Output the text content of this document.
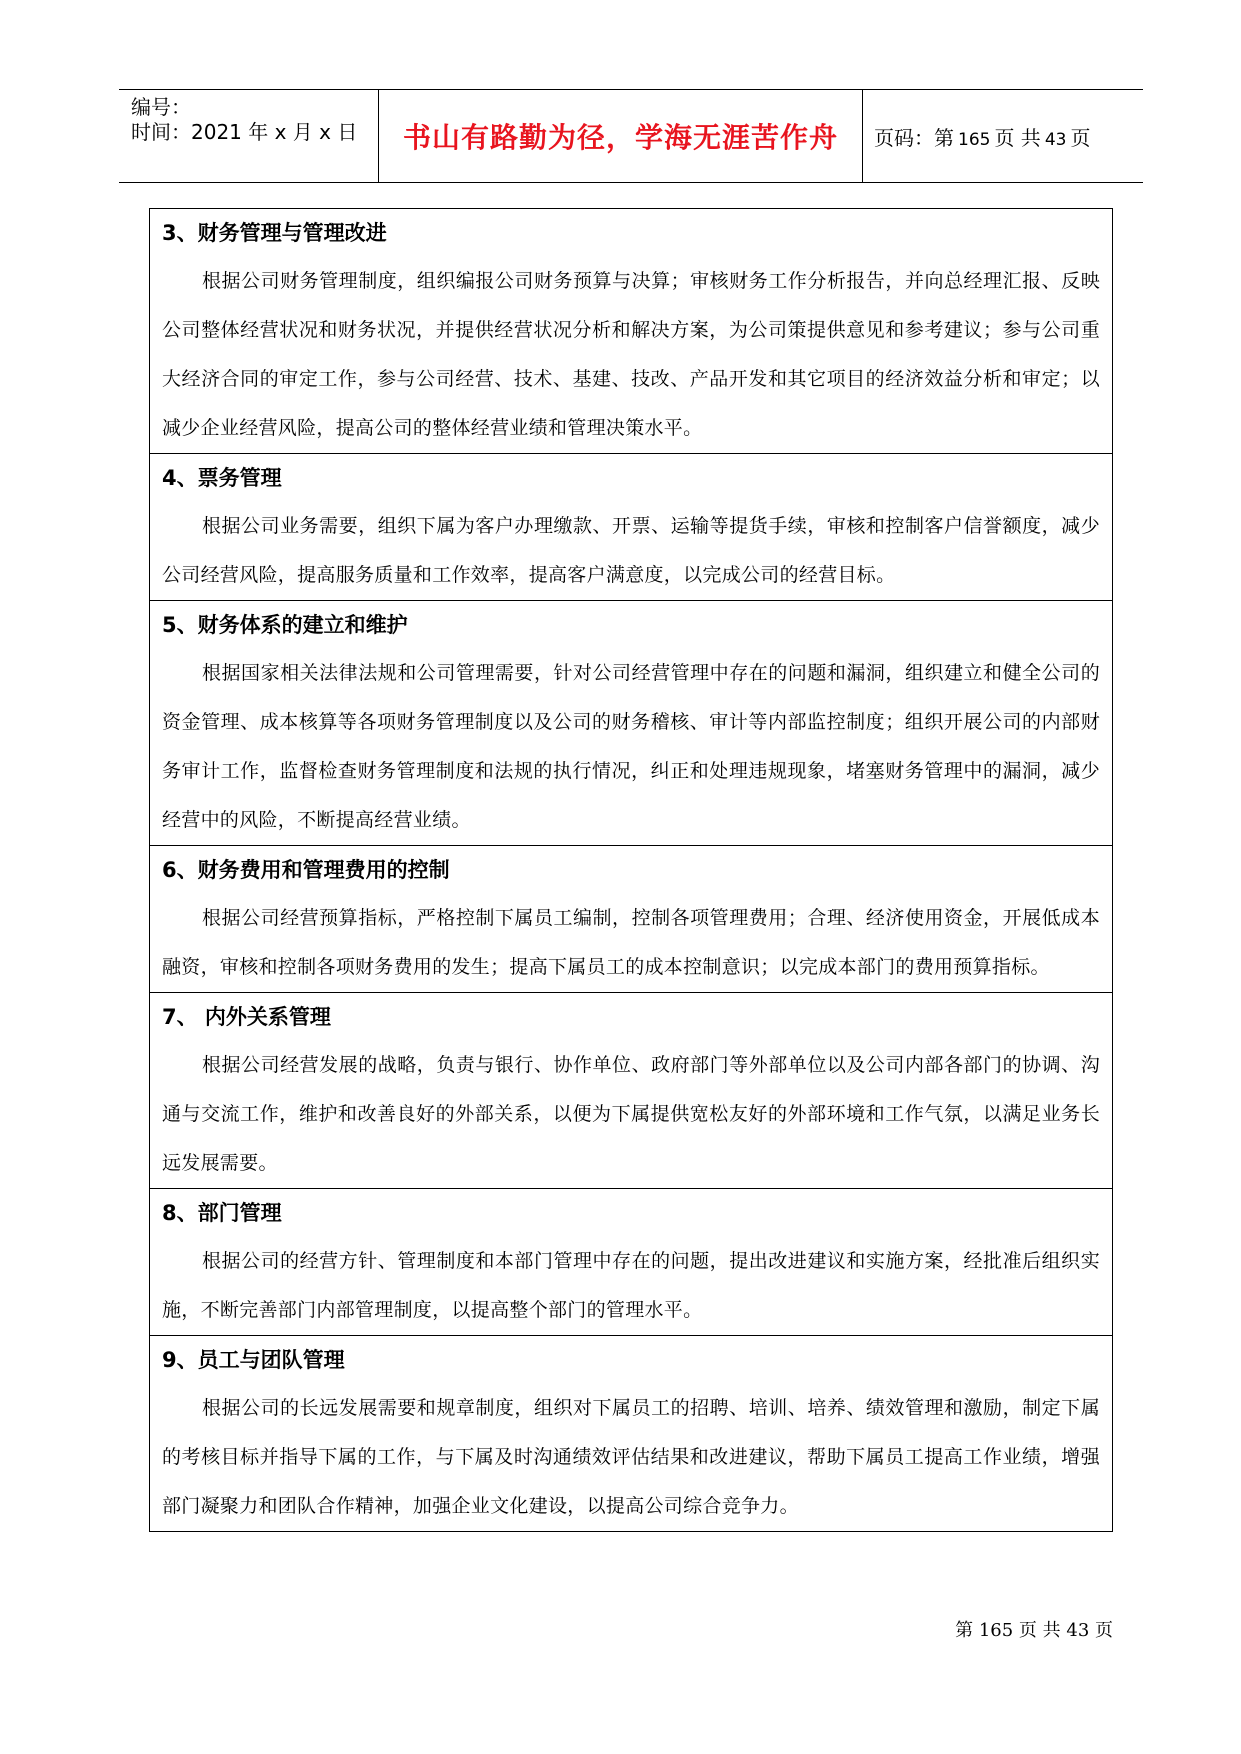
编号：
时间：2021 年 x 月 x 日 书山有路勤为径，学海无涯苦作舟 页码：第 165 页 共 43 页
3、财务管理与管理改进
根据公司财务管理制度，组织编报公司财务预算与决算；审核财务工作分析报告，并向总经理汇报、反映公司整体经营状况和财务状况，并提供经营状况分析和解决方案，为公司策提供意见和参考建议；参与公司重大经济合同的审定工作，参与公司经营、技术、基建、技改、产品开发和其它项目的经济效益分析和审定；以减少企业经营风险，提高公司的整体经营业绩和管理决策水平。
4、票务管理
根据公司业务需要，组织下属为客户办理缴款、开票、运输等提货手续，审核和控制客户信誉额度，减少公司经营风险，提高服务质量和工作效率，提高客户满意度，以完成公司的经营目标。
5、财务体系的建立和维护
根据国家相关法律法规和公司管理需要，针对公司经营管理中存在的问题和漏洞，组织建立和健全公司的资金管理、成本核算等各项财务管理制度以及公司的财务稽核、审计等内部监控制度；组织开展公司的内部财务审计工作，监督检查财务管理制度和法规的执行情况，纠正和处理违规现象，堵塞财务管理中的漏洞，减少经营中的风险，不断提高经营业绩。
6、财务费用和管理费用的控制
根据公司经营预算指标，严格控制下属员工编制，控制各项管理费用；合理、经济使用资金，开展低成本融资，审核和控制各项财务费用的发生；提高下属员工的成本控制意识；以完成本部门的费用预算指标。
7、 内外关系管理
根据公司经营发展的战略，负责与银行、协作单位、政府部门等外部单位以及公司内部各部门的协调、沟通与交流工作，维护和改善良好的外部关系，以便为下属提供宽松友好的外部环境和工作气氛，以满足业务长远发展需要。
8、部门管理
根据公司的经营方针、管理制度和本部门管理中存在的问题，提出改进建议和实施方案，经批准后组织实施，不断完善部门内部管理制度，以提高整个部门的管理水平。
9、员工与团队管理
根据公司的长远发展需要和规章制度，组织对下属员工的招聘、培训、培养、绩效管理和激励，制定下属的考核目标并指导下属的工作，与下属及时沟通绩效评估结果和改进建议，帮助下属员工提高工作业绩，增强部门凝聚力和团队合作精神，加强企业文化建设，以提高公司综合竞争力。
第 165 页 共 43 页
